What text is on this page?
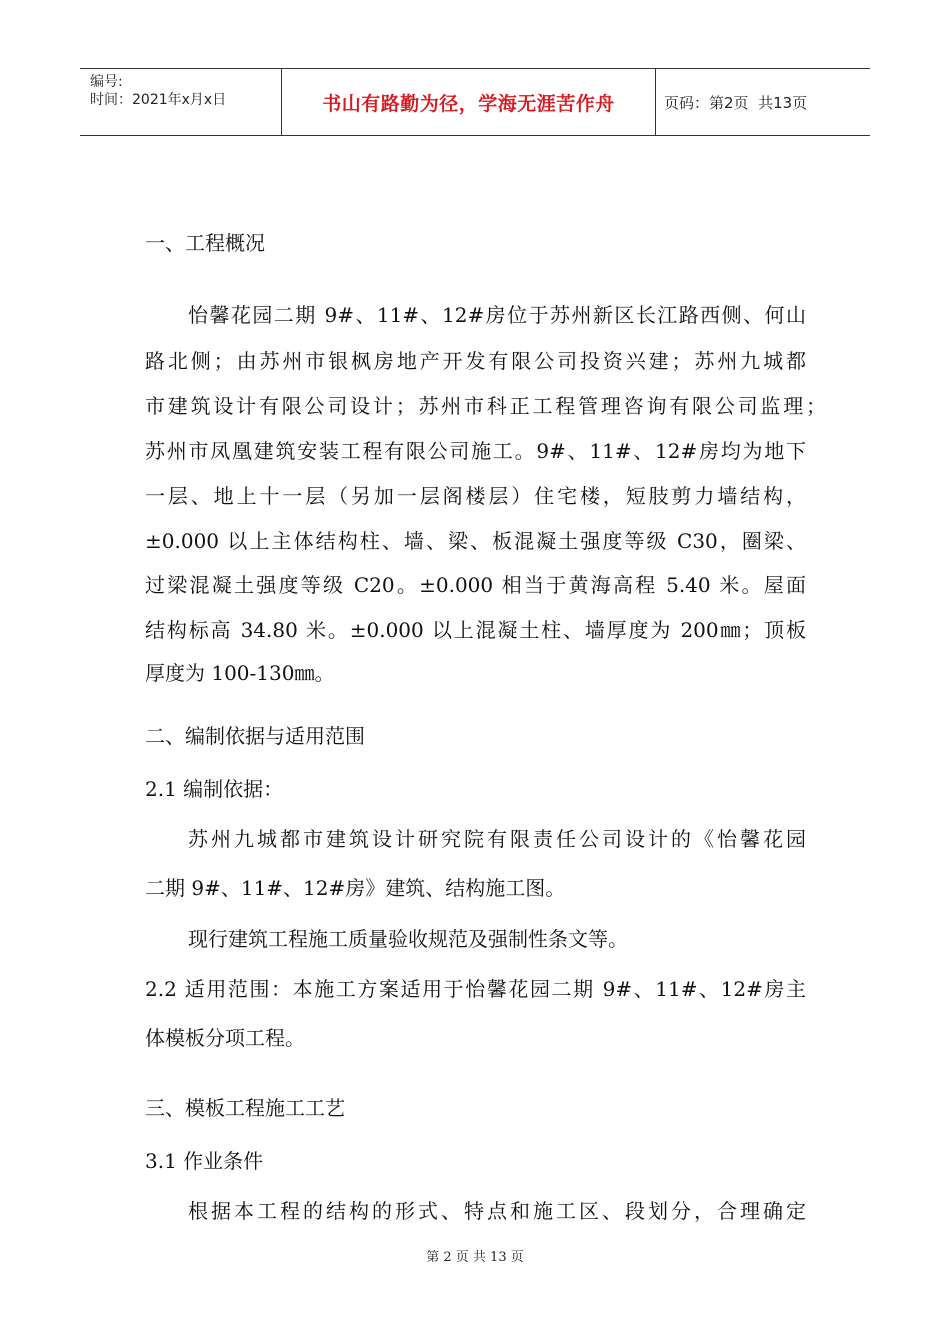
编号:
时间：2021年x月x日	书山有路勤为径，学海无涯苦作舟	页码：第2页  共13页
一、工程概况
怡馨花园二期 9#、11#、12#房位于苏州新区长江路西侧、何山
路北侧；由苏州市银枫房地产开发有限公司投资兴建；苏州九城都
市建筑设计有限公司设计；苏州市科正工程管理咨询有限公司监理；
苏州市凤凰建筑安装工程有限公司施工。9#、11#、12#房均为地下
一层、地上十一层（另加一层阁楼层）住宅楼，短肢剪力墙结构，
±0.000 以上主体结构柱、墙、梁、板混凝土强度等级 C30，圈梁、
过梁混凝土强度等级 C20。±0.000 相当于黄海高程 5.40 米。屋面
结构标高 34.80 米。±0.000 以上混凝土柱、墙厚度为 200㎜；顶板
厚度为 100-130㎜。
二、编制依据与适用范围
2.1 编制依据：
苏州九城都市建筑设计研究院有限责任公司设计的《怡馨花园
二期 9#、11#、12#房》建筑、结构施工图。
现行建筑工程施工质量验收规范及强制性条文等。
2.2 适用范围：本施工方案适用于怡馨花园二期 9#、11#、12#房主
体模板分项工程。
三、模板工程施工工艺
3.1 作业条件
根据本工程的结构的形式、特点和施工区、段划分，合理确定
第 2 页 共 13 页
